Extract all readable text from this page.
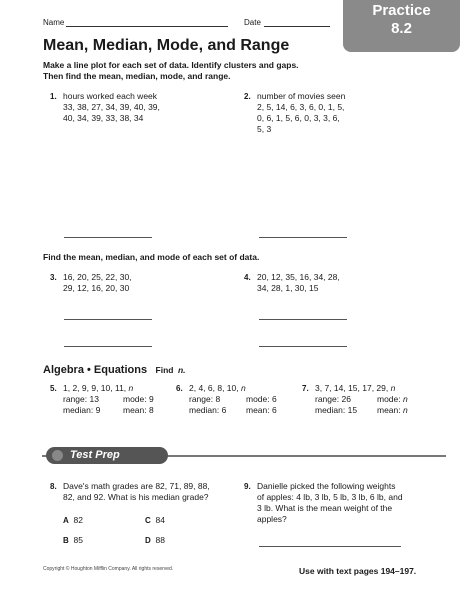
Name	Date
Practice
8.2
Mean, Median, Mode, and Range
Make a line plot for each set of data. Identify clusters and gaps.
Then find the mean, median, mode, and range.
1. hours worked each week
33, 38, 27, 34, 39, 40, 39,
40, 34, 39, 33, 38, 34
2. number of movies seen
2, 5, 14, 6, 3, 6, 0, 1, 5,
0, 6, 1, 5, 6, 0, 3, 3, 6,
5, 3
Find the mean, median, and mode of each set of data.
3. 16, 20, 25, 22, 30,
29, 12, 16, 20, 30
4. 20, 12, 35, 16, 34, 28,
34, 28, 1, 30, 15
Algebra • Equations Find n.
5. 1, 2, 9, 9, 10, 11, n
range: 13	mode: 9
median: 9	mean: 8
6. 2, 4, 6, 8, 10, n
range: 8	mode: 6
median: 6 mean: 6
7. 3, 7, 14, 15, 17, 29, n
range: 26	mode: n
median: 15 mean: n
Test Prep
8. Dave's math grades are 82, 71, 89, 88,
82, and 92. What is his median grade?
A 82	C 84
B 85	D 88
9. Danielle picked the following weights
of apples: 4 lb, 3 lb, 5 lb, 3 lb, 6 lb, and
3 lb. What is the mean weight of the
apples?
Copyright © Houghton Mifflin Company. All rights reserved.	Use with text pages 194–197.
